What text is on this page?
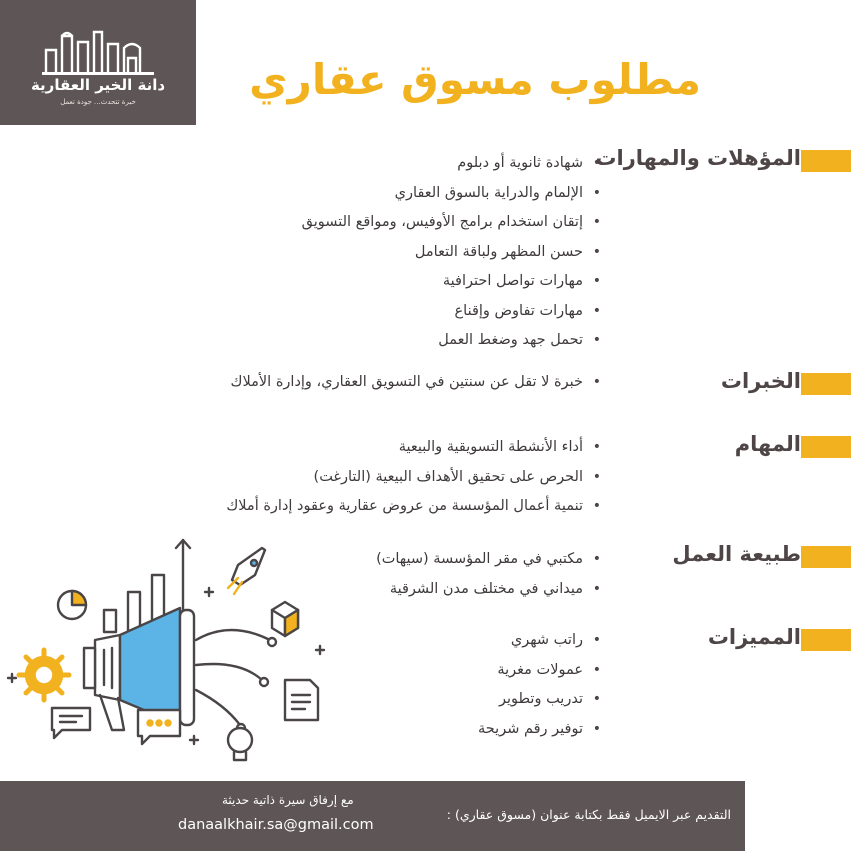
دانة الخير العقارية
خبرة تتحدث... جودة تعمل	مطلوب مسوق عقاري
المؤهلات والمهارات
• شهادة ثانوية أو دبلوم
• الإلمام والدراية بالسوق العقاري
• إتقان استخدام برامج الأوفيس، ومواقع التسويق
• حسن المظهر ولباقة التعامل
• مهارات تواصل احترافية
• مهارات تفاوض وإقناع
• تحمل جهد وضغط العمل
الخبرات
• خبرة لا تقل عن سنتين في التسويق العقاري، وإدارة الأملاك
المهام
• أداء الأنشطة التسويقية والبيعية
• الحرص على تحقيق الأهداف البيعية (التارغت)
• تنمية أعمال المؤسسة من عروض عقارية وعقود إدارة أملاك
طبيعة العمل
• مكتبي في مقر المؤسسة (سيهات)
• ميداني في مختلف مدن الشرقية
المميزات
• راتب شهري
• عمولات مغرية
• تدريب وتطوير
• توفير رقم شريحة
التقديم عبر الايميل فقط بكتابة عنوان (مسوق عقاري) :
مع إرفاق سيرة ذاتية حديثة
danaalkhair.sa@gmail.com
